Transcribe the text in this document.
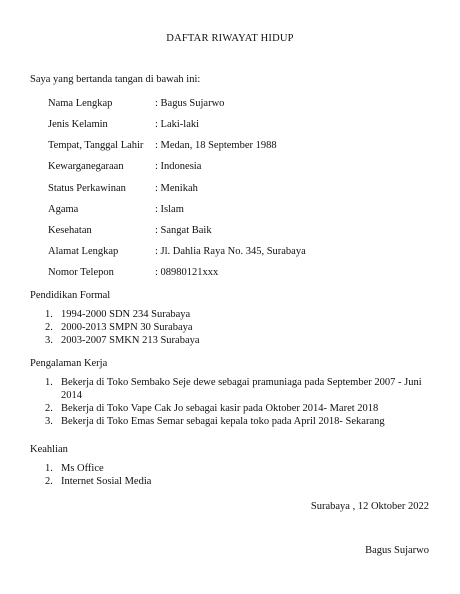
DAFTAR RIWAYAT HIDUP
Saya yang bertanda tangan di bawah ini:
Nama Lengkap	: Bagus Sujarwo
Jenis Kelamin	: Laki-laki
Tempat, Tanggal Lahir : Medan, 18 September 1988
Kewarganegaraan	: Indonesia
Status Perkawinan	: Menikah
Agama	: Islam
Kesehatan	: Sangat Baik
Alamat Lengkap	: Jl. Dahlia Raya No. 345, Surabaya
Nomor Telepon	: 08980121xxx
Pendidikan Formal
1. 1994-2000 SDN 234 Surabaya
2. 2000-2013 SMPN 30 Surabaya
3. 2003-2007 SMKN 213 Surabaya
Pengalaman Kerja
1. Bekerja di Toko Sembako Seje dewe sebagai pramuniaga pada September 2007 - Juni 2014
2. Bekerja di Toko Vape Cak Jo sebagai kasir pada Oktober 2014- Maret 2018
3. Bekerja di Toko Emas Semar sebagai kepala toko pada April 2018- Sekarang
Keahlian
1. Ms Office
2. Internet Sosial Media
Surabaya , 12 Oktober 2022
Bagus Sujarwo
